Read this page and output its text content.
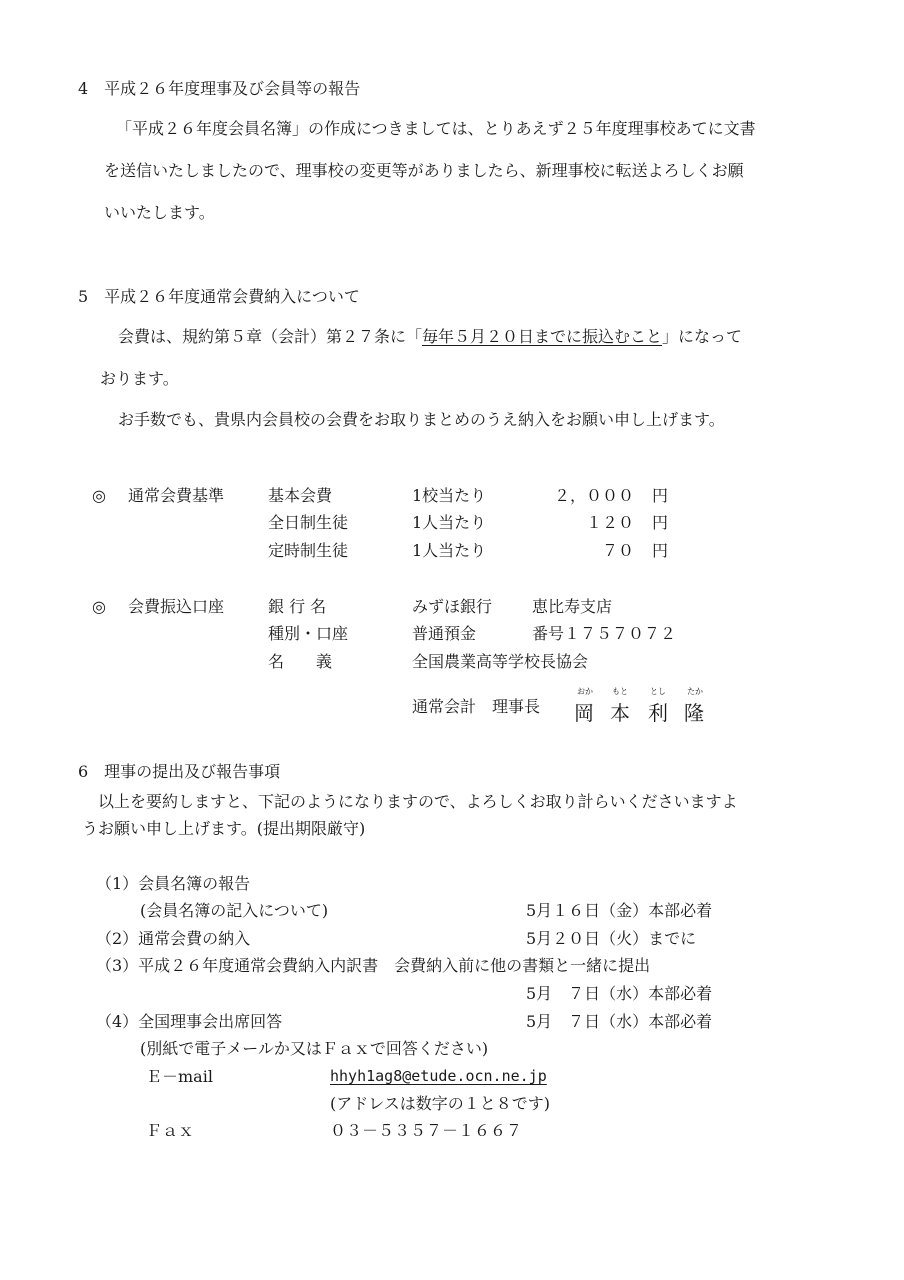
4　平成２６年度理事及び会員等の報告
「平成２６年度会員名簿」の作成につきましては、とりあえず２５年度理事校あてに文書
を送信いたしましたので、理事校の変更等がありましたら、新理事校に転送よろしくお願
いいたします。
5　平成２６年度通常会費納入について
会費は、規約第５章（会計）第２７条に「毎年５月２０日までに振込むこと」になって
おります。
お手数でも、貴県内会員校の会費をお取りまとめのうえ納入をお願い申し上げます。
◎ 通常会費基準	基本会費	1校当たり	２，０００ 円
全日制生徒	1人当たり	１２０ 円
定時制生徒	1人当たり	７０ 円
◎ 会費振込口座	銀 行 名	みずほ銀行 恵比寿支店
種別・口座	普通預金	番号１７５７０７２
名　　義	全国農業高等学校長協会
通常会計　理事長
おか
岡
もと
本
とし
利
たか
隆
6　理事の提出及び報告事項
以上を要約しますと、下記のようになりますので、よろしくお取り計らいくださいますよ
うお願い申し上げます。(提出期限厳守)
（1）会員名簿の報告
(会員名簿の記入について)	5月１６日（金）本部必着
（2）通常会費の納入	5月２０日（火）までに
（3）平成２６年度通常会費納入内訳書　会費納入前に他の書類と一緒に提出
5月　７日（水）本部必着
（4）全国理事会出席回答	5月　７日（水）本部必着
(別紙で電子メールか又はＦａｘで回答ください)
Ｅ－mail	hhyh1ag8@etude.ocn.ne.jp
(アドレスは数字の１と８です)
Ｆａｘ	０３－５３５７－１６６７
